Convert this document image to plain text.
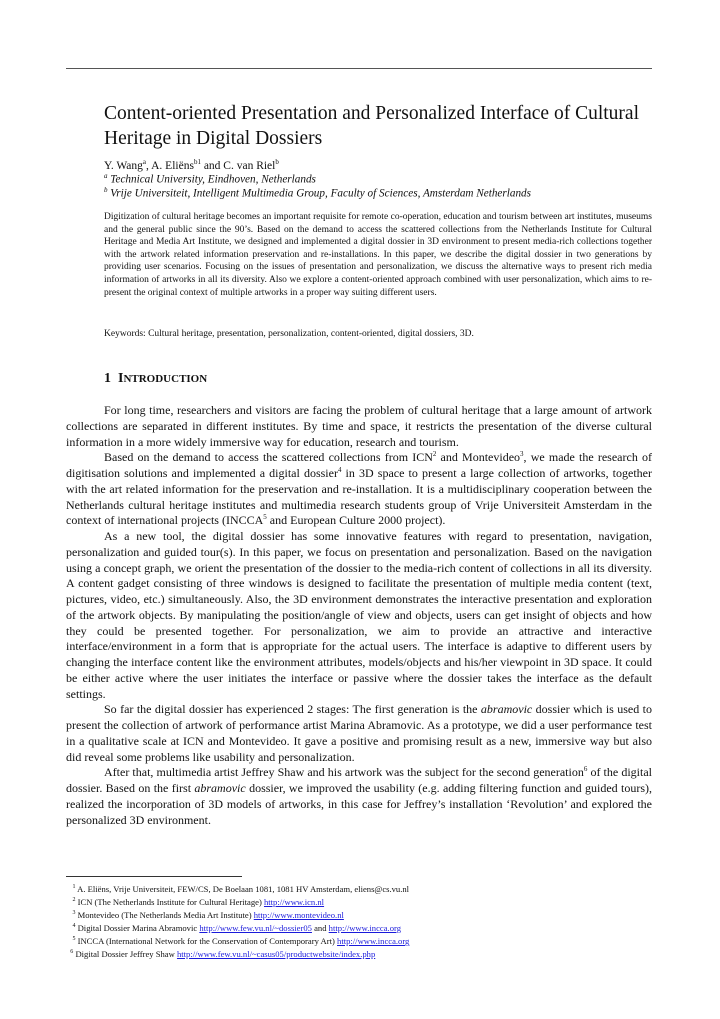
Content-oriented Presentation and Personalized Interface of Cultural Heritage in Digital Dossiers
Y. Wang$^a$, A. Eliëns$^{b1}$ and C. van Riel$^b$
$^a$ Technical University, Eindhoven, Netherlands
$^b$ Vrije Universiteit, Intelligent Multimedia Group, Faculty of Sciences, Amsterdam Netherlands

Digitization of cultural heritage becomes an important requisite for remote co-operation, education and tourism between art institutes, museums and the general public since the 90’s. Based on the demand to access the scattered collections from the Netherlands Institute for Cultural Heritage and Media Art Institute, we designed and implemented a digital dossier in 3D environment to present media-rich collections together with the artwork related information preservation and re-installations. In this paper, we describe the digital dossier in two generations by providing user scenarios. Focusing on the issues of presentation and personalization, we discuss the alternative ways to present rich media information of artworks in all its diversity. Also we explore a content-oriented approach combined with user personalization, which aims to re-present the original context of multiple artworks in a proper way suiting different users.

Keywords: Cultural heritage, presentation, personalization, content-oriented, digital dossiers, 3D.

1 INTRODUCTION

For long time, researchers and visitors are facing the problem of cultural heritage that a large amount of artwork collections are separated in different institutes. By time and space, it restricts the presentation of the diverse cultural information in a more widely immersive way for education, research and tourism.

Based on the demand to access the scattered collections from ICN$^2$ and Montevideo$^3$, we made the research of digitisation solutions and implemented a digital dossier$^4$ in 3D space to present a large collection of artworks, together with the art related information for the preservation and re-installation. It is a multidisciplinary cooperation between the Netherlands cultural heritage institutes and multimedia research students group of Vrije Universiteit Amsterdam in the context of international projects (INCCA$^5$ and European Culture 2000 project).

As a new tool, the digital dossier has some innovative features with regard to presentation, navigation, personalization and guided tour(s). In this paper, we focus on presentation and personalization. Based on the navigation using a concept graph, we orient the presentation of the dossier to the media-rich content of collections in all its diversity. A content gadget consisting of three windows is designed to facilitate the presentation of multiple media content (text, pictures, video, etc.) simultaneously. Also, the 3D environment demonstrates the interactive presentation and exploration of the artwork objects. By manipulating the position/angle of view and objects, users can get insight of objects and how they could be presented together. For personalization, we aim to provide an attractive and interactive interface/environment in a form that is appropriate for the actual users. The interface is adaptive to different users by changing the interface content like the environment attributes, models/objects and his/her viewpoint in 3D space. It could be either active where the user initiates the interface or passive where the dossier takes the interface as the default settings.

So far the digital dossier has experienced 2 stages: The first generation is the abramovic dossier which is used to present the collection of artwork of performance artist Marina Abramovic. As a prototype, we did a user performance test in a qualitative scale at ICN and Montevideo. It gave a positive and promising result as a new, immersive way but also did reveal some problems like usability and personalization.

After that, multimedia artist Jeffrey Shaw and his artwork was the subject for the second generation$^6$ of the digital dossier. Based on the first abramovic dossier, we improved the usability (e.g. adding filtering function and guided tours), realized the incorporation of 3D models of artworks, in this case for Jeffrey’s installation ‘Revolution’ and explored the personalized 3D environment.

$^1$ A. Eliëns, Vrije Universiteit, FEW/CS, De Boelaan 1081, 1081 HV Amsterdam, eliens@cs.vu.nl

$^2$ ICN (The Netherlands Institute for Cultural Heritage) http://www.icn.nl

$^3$ Montevideo (The Netherlands Media Art Institute) http://www.montevideo.nl

$^4$ Digital Dossier Marina Abramovic http://www.few.vu.nl/~dossier05 and http://www.incca.org

$^5$ INCCA (International Network for the Conservation of Contemporary Art) http://www.incca.org

$^6$ Digital Dossier Jeffrey Shaw http://www.few.vu.nl/~casus05/productwebsite/index.php
